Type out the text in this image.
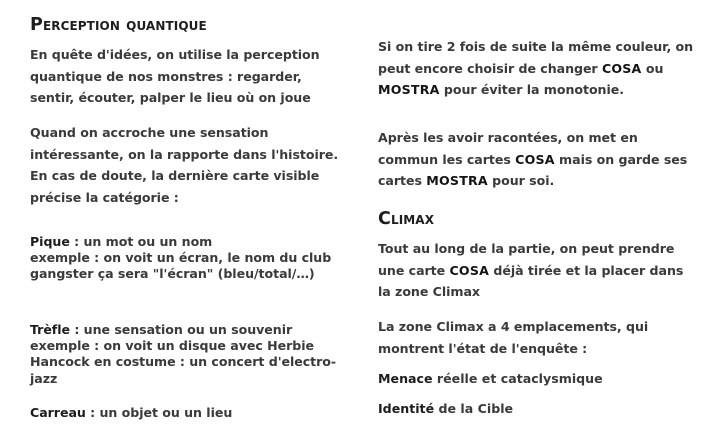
Perception quantique
En quête d'idées, on utilise la perception quantique de nos monstres : regarder, sentir, écouter, palper le lieu où on joue
Quand on accroche une sensation intéressante, on la rapporte dans l'histoire. En cas de doute, la dernière carte visible précise la catégorie :
Pique : un mot ou un nom
exemple : on voit un écran, le nom du club gangster ça sera "l'écran" (bleu/total/…)
Trèfle : une sensation ou un souvenir
exemple : on voit un disque avec Herbie Hancock en costume : un concert d'electro-jazz
Carreau : un objet ou un lieu
Si on tire 2 fois de suite la même couleur, on peut encore choisir de changer COSA ou MOSTRA pour éviter la monotonie.
Après les avoir racontées, on met en commun les cartes COSA mais on garde ses cartes MOSTRA pour soi.
Climax
Tout au long de la partie, on peut prendre une carte COSA déjà tirée et la placer dans la zone Climax
La zone Climax a 4 emplacements, qui montrent l'état de l'enquête :
Menace réelle et cataclysmique
Identité de la Cible
